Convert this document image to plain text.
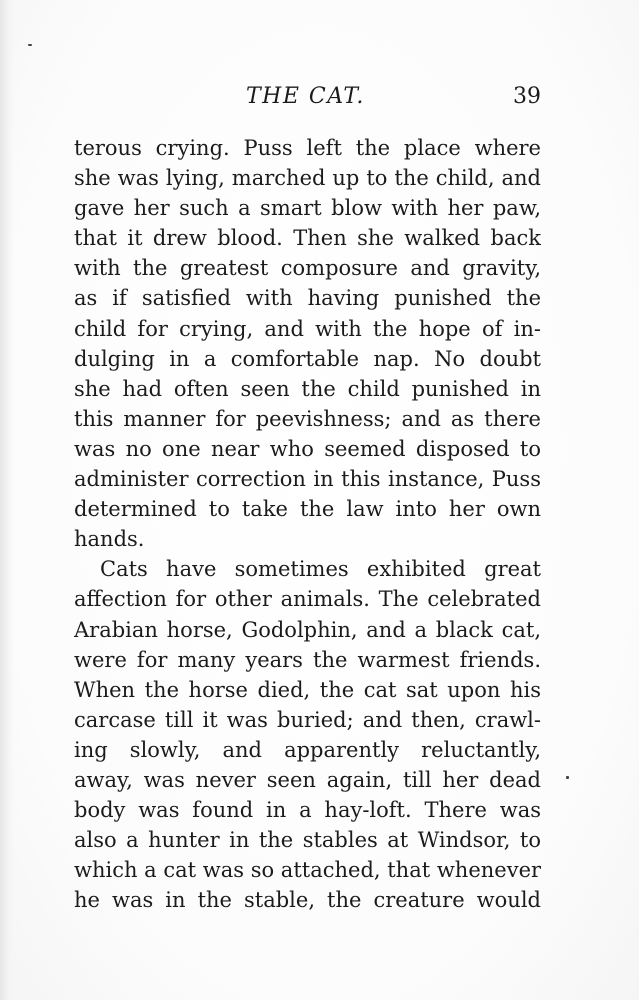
THE CAT.	39
terous crying. Puss left the place where
she was lying, marched up to the child, and
gave her such a smart blow with her paw,
that it drew blood. Then she walked back
with the greatest composure and gravity,
as if satisfied with having punished the
child for crying, and with the hope of in-
dulging in a comfortable nap. No doubt
she had often seen the child punished in
this manner for peevishness; and as there
was no one near who seemed disposed to
administer correction in this instance, Puss
determined to take the law into her own
hands.
Cats have sometimes exhibited great
affection for other animals. The celebrated
Arabian horse, Godolphin, and a black cat,
were for many years the warmest friends.
When the horse died, the cat sat upon his
carcase till it was buried; and then, crawl-
ing slowly, and apparently reluctantly,
away, was never seen again, till her dead
body was found in a hay-loft. There was
also a hunter in the stables at Windsor, to
which a cat was so attached, that whenever
he was in the stable, the creature would
